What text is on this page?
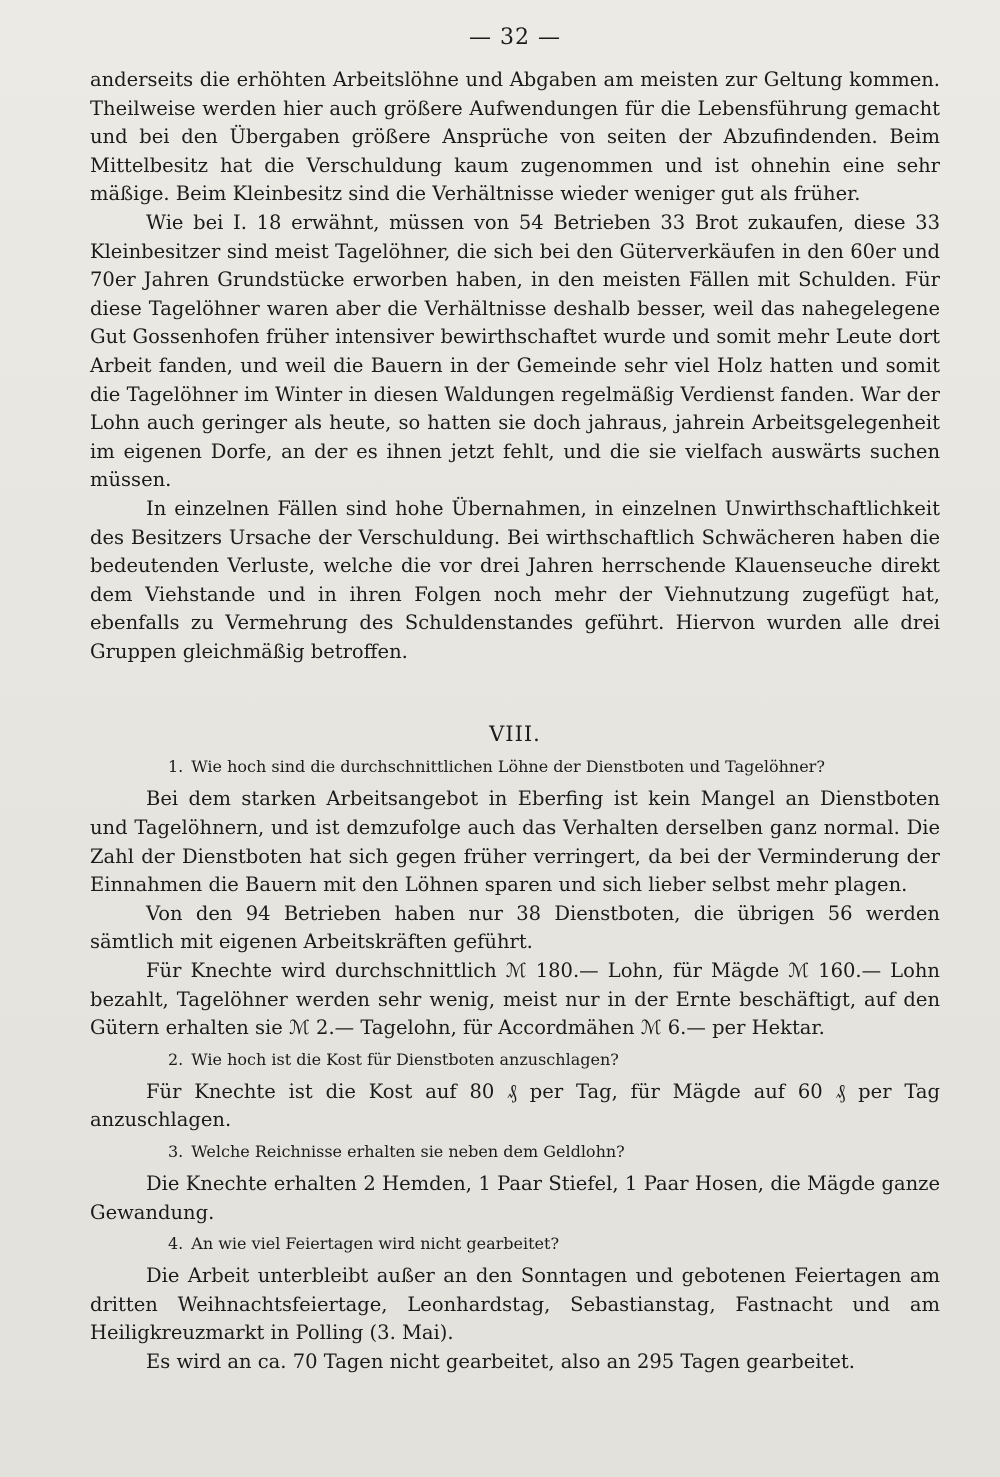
— 32 —

anderseits die erhöhten Arbeitslöhne und Abgaben am meisten zur Geltung kommen. Theilweise werden hier auch größere Aufwendungen für die Lebensführung gemacht und bei den Übergaben größere Ansprüche von seiten der Abzufindenden. Beim Mittelbesitz hat die Verschuldung kaum zugenommen und ist ohnehin eine sehr mäßige. Beim Kleinbesitz sind die Verhältnisse wieder weniger gut als früher.

Wie bei I. 18 erwähnt, müssen von 54 Betrieben 33 Brot zukaufen, diese 33 Kleinbesitzer sind meist Tagelöhner, die sich bei den Güterverkäufen in den 60er und 70er Jahren Grundstücke erworben haben, in den meisten Fällen mit Schulden. Für diese Tagelöhner waren aber die Verhältnisse deshalb besser, weil das nahegelegene Gut Gossenhofen früher intensiver bewirthschaftet wurde und somit mehr Leute dort Arbeit fanden, und weil die Bauern in der Gemeinde sehr viel Holz hatten und somit die Tagelöhner im Winter in diesen Waldungen regelmäßig Verdienst fanden. War der Lohn auch geringer als heute, so hatten sie doch jahraus, jahrein Arbeitsgelegenheit im eigenen Dorfe, an der es ihnen jetzt fehlt, und die sie vielfach auswärts suchen müssen.

In einzelnen Fällen sind hohe Übernahmen, in einzelnen Unwirthschaftlichkeit des Besitzers Ursache der Verschuldung. Bei wirthschaftlich Schwächeren haben die bedeutenden Verluste, welche die vor drei Jahren herrschende Klauenseuche direkt dem Viehstande und in ihren Folgen noch mehr der Viehnutzung zugefügt hat, ebenfalls zu Vermehrung des Schuldenstandes geführt. Hiervon wurden alle drei Gruppen gleichmäßig betroffen.

VIII.
1. Wie hoch sind die durchschnittlichen Löhne der Dienstboten und Tagelöhner?

Bei dem starken Arbeitsangebot in Eberfing ist kein Mangel an Dienstboten und Tagelöhnern, und ist demzufolge auch das Verhalten derselben ganz normal. Die Zahl der Dienstboten hat sich gegen früher verringert, da bei der Verminderung der Einnahmen die Bauern mit den Löhnen sparen und sich lieber selbst mehr plagen.

Von den 94 Betrieben haben nur 38 Dienstboten, die übrigen 56 werden sämtlich mit eigenen Arbeitskräften geführt.

Für Knechte wird durchschnittlich ℳ 180.— Lohn, für Mägde ℳ 160.— Lohn bezahlt, Tagelöhner werden sehr wenig, meist nur in der Ernte beschäftigt, auf den Gütern erhalten sie ℳ 2.— Tagelohn, für Accordmähen ℳ 6.— per Hektar.

2. Wie hoch ist die Kost für Dienstboten anzuschlagen?

Für Knechte ist die Kost auf 80 ₰ per Tag, für Mägde auf 60 ₰ per Tag anzuschlagen.

3. Welche Reichnisse erhalten sie neben dem Geldlohn?

Die Knechte erhalten 2 Hemden, 1 Paar Stiefel, 1 Paar Hosen, die Mägde ganze Gewandung.

4. An wie viel Feiertagen wird nicht gearbeitet?

Die Arbeit unterbleibt außer an den Sonntagen und gebotenen Feiertagen am dritten Weihnachtsfeiertage, Leonhardstag, Sebastianstag, Fastnacht und am Heiligkreuzmarkt in Polling (3. Mai).

Es wird an ca. 70 Tagen nicht gearbeitet, also an 295 Tagen gearbeitet.
